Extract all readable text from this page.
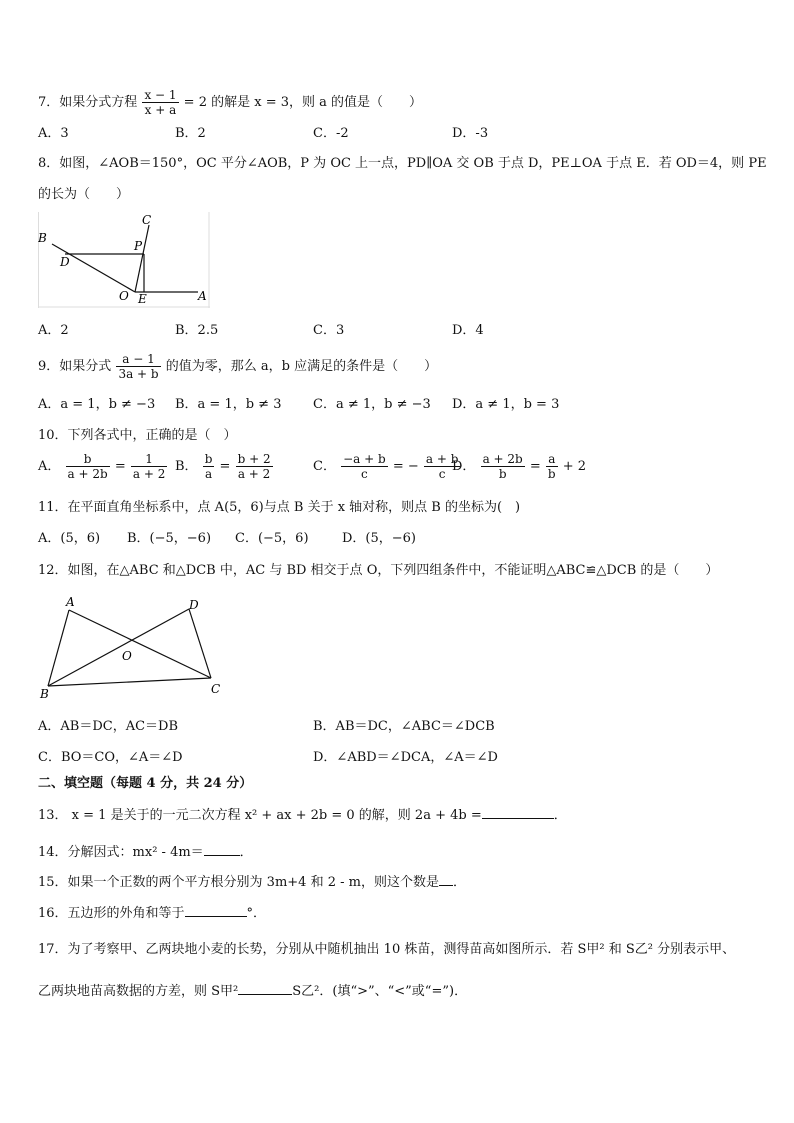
7．如果分式方程 $\frac{x - 1}{x + a} = 2$ 的解是 x = 3，则 a 的值是（　　）
A．3	B．2	C．-2	D．-3
8．如图，∠AOB＝150°，OC 平分∠AOB，P 为 OC 上一点，PD∥OA 交 OB 于点 D，PE⊥OA 于点 E．若 OD＝4，则 PE
的长为（　　）
B
C
P
D
O E	A
A．2	B．2.5	C．3	D．4
9．如果分式 $\frac{a - 1}{3a + b}$ 的值为零，那么 a，b 应满足的条件是（　　）
A．a = 1，b ≠ −3 B．a = 1，b ≠ 3 C．a ≠ 1，b ≠ −3 D．a ≠ 1，b = 3
10．下列各式中，正确的是（　）
A． $\frac{b}{a + 2b} = \frac{1}{a + 2}$ B． $\frac{b}{a} = \frac{b + 2}{a + 2}$	C． $\frac{-a + b}{c}$ = − $\frac{a + b}{c}$
D． $\frac{a + 2b}{b} = \frac{a}{b} + 2$
11．在平面直角坐标系中，点 A(5，6)与点 B 关于 x 轴对称，则点 B 的坐标为(　)
A．(5，6) B．(−5，−6) C．(−5，6)	D．(5，−6)
12．如图，在△ABC 和△DCB 中，AC 与 BD 相交于点 O，下列四组条件中，不能证明△ABC≌△DCB 的是（　　）
A	D
O
B	C
A．AB＝DC，AC＝DB	B．AB＝DC，∠ABC＝∠DCB
C．BO＝CO，∠A＝∠D	D．∠ABD＝∠DCA，∠A＝∠D
二、填空题（每题 4 分，共 24 分）
13． x = 1 是关于的一元二次方程 x² + ax + 2b = 0 的解，则 2a + 4b =	．
14．分解因式：mx² - 4m＝	．
15．如果一个正数的两个平方根分别为 3m+4 和 2 - m，则这个数是 ．
16．五边形的外角和等于	°．
17．为了考察甲、乙两块地小麦的长势，分别从中随机抽出 10 株苗，测得苗高如图所示．若 S甲² 和 S乙² 分别表示甲、
乙两块地苗高数据的方差，则 S甲²	S乙²．(填“>”、“<”或“=”)．
